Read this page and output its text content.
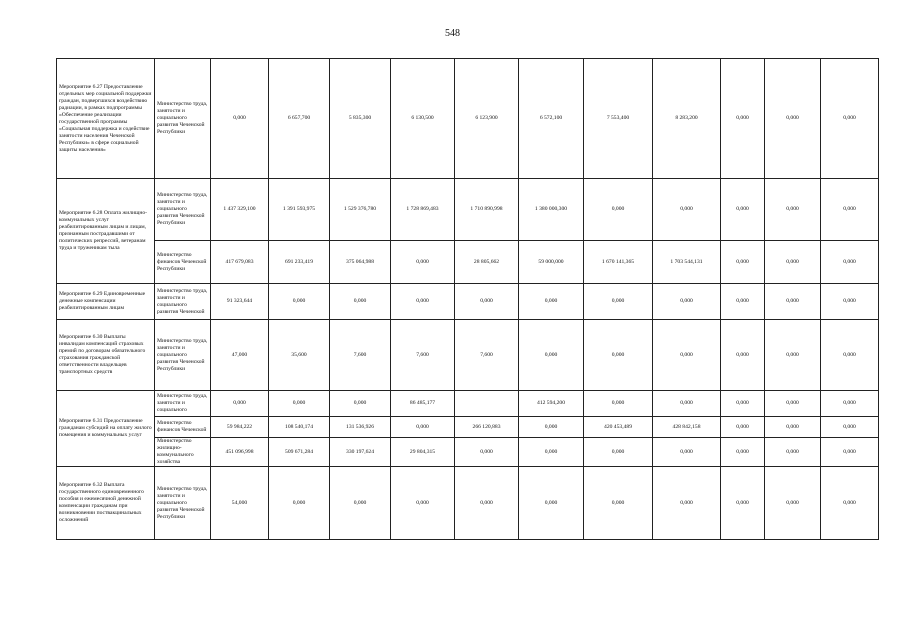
548
Мероприятие 6.27 Предоставление отдельных мер социальной поддержки граждан, подвергшихся воздействию радиации, в рамках подпрограммы «Обеспечение реализации государственной программы «Социальная поддержка и содействие занятости населения Чеченской Республики» в сфере социальной защиты населения»	Министерство труда, занятости и социального развития Чеченской Республики	0,000	6 657,700	5 835,300	6 130,500	6 123,900	6 572,100	7 553,400	8 283,200	0,000	0,000	0,000
Мероприятие 6.28 Оплата жилищно-коммунальных услуг реабилитированным лицам и лицам, признанным пострадавшими от политических репрессий, ветеранам труда и труженикам тыла	Министерство труда, занятости и социального развития Чеченской Республики	1 437 329,100	1 391 593,975	1 529 376,780	1 728 869,483	1 710 890,998	1 380 000,300	0,000	0,000	0,000	0,000	0,000
	Министерство финансов Чеченской Республики	417 679,083	691 233,419	375 064,988	0,000	28 805,662	59 000,000	1 670 141,365	1 703 544,131	0,000	0,000	0,000
Мероприятие 6.29 Единовременные денежные компенсации реабилитированным лицам	Министерство труда, занятости и социального развития Чеченской	91 323,644	0,000	0,000	0,000	0,000	0,000	0,000	0,000	0,000	0,000	0,000
Мероприятие 6.30 Выплаты инвалидам компенсаций страховых премий по договорам обязательного страхования гражданской ответственности владельцев транспортных средств	Министерство труда, занятости и социального развития Чеченской Республики	47,000	35,600	7,600	7,600	7,600	0,000	0,000	0,000	0,000	0,000	0,000
Мероприятие 6.31 Предоставление гражданам субсидий на оплату жилого помещения и коммунальных услуг	Министерство труда, занятости и социального	0,000	0,000	0,000	86 485,177		412 594,200	0,000	0,000	0,000	0,000	0,000
	Министерство финансов Чеченской	59 984,222	108 540,174	131 536,926	0,000	266 120,883	0,000	420 453,489	428 842,158	0,000	0,000	0,000
	Министерство жилищно-коммунального хозяйства	451 096,998	509 671,284	330 197,624	29 804,315	0,000	0,000	0,000	0,000	0,000	0,000	0,000
Мероприятие 6.32 Выплата государственного единовременного пособия и ежемесячной денежной компенсации гражданам при возникновении поствакцинальных осложнений	Министерство труда, занятости и социального развития Чеченской Республики	54,000	0,000	0,000	0,000	0,000	0,000	0,000	0,000	0,000	0,000	0,000
